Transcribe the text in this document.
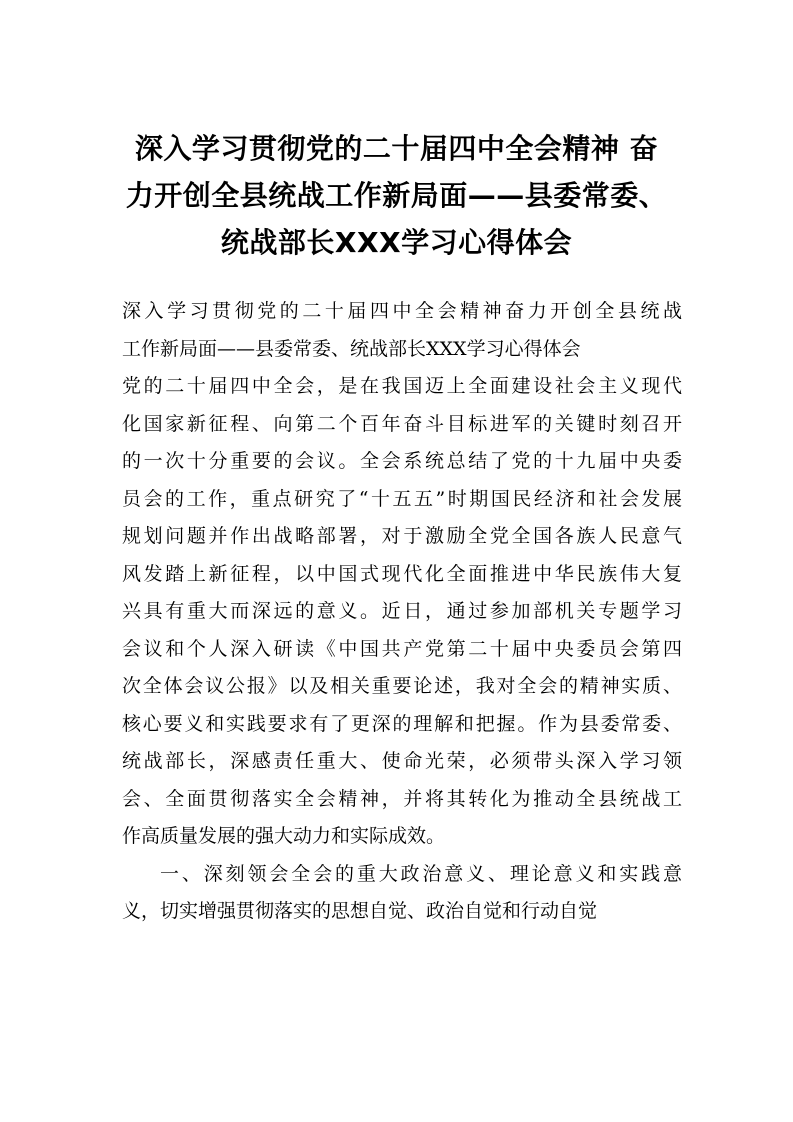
深入学习贯彻党的二十届四中全会精神 奋
力开创全县统战工作新局面——县委常委、
统战部长XXX学习心得体会
深入学习贯彻党的二十届四中全会精神奋力开创全县统战
工作新局面——县委常委、统战部长XXX学习心得体会
党的二十届四中全会，是在我国迈上全面建设社会主义现代
化国家新征程、向第二个百年奋斗目标进军的关键时刻召开
的一次十分重要的会议。全会系统总结了党的十九届中央委
员会的工作，重点研究了“十五五”时期国民经济和社会发展
规划问题并作出战略部署，对于激励全党全国各族人民意气
风发踏上新征程，以中国式现代化全面推进中华民族伟大复
兴具有重大而深远的意义。近日，通过参加部机关专题学习
会议和个人深入研读《中国共产党第二十届中央委员会第四
次全体会议公报》以及相关重要论述，我对全会的精神实质、
核心要义和实践要求有了更深的理解和把握。作为县委常委、
统战部长，深感责任重大、使命光荣，必须带头深入学习领
会、全面贯彻落实全会精神，并将其转化为推动全县统战工
作高质量发展的强大动力和实际成效。
一、深刻领会全会的重大政治意义、理论意义和实践意
义，切实增强贯彻落实的思想自觉、政治自觉和行动自觉
